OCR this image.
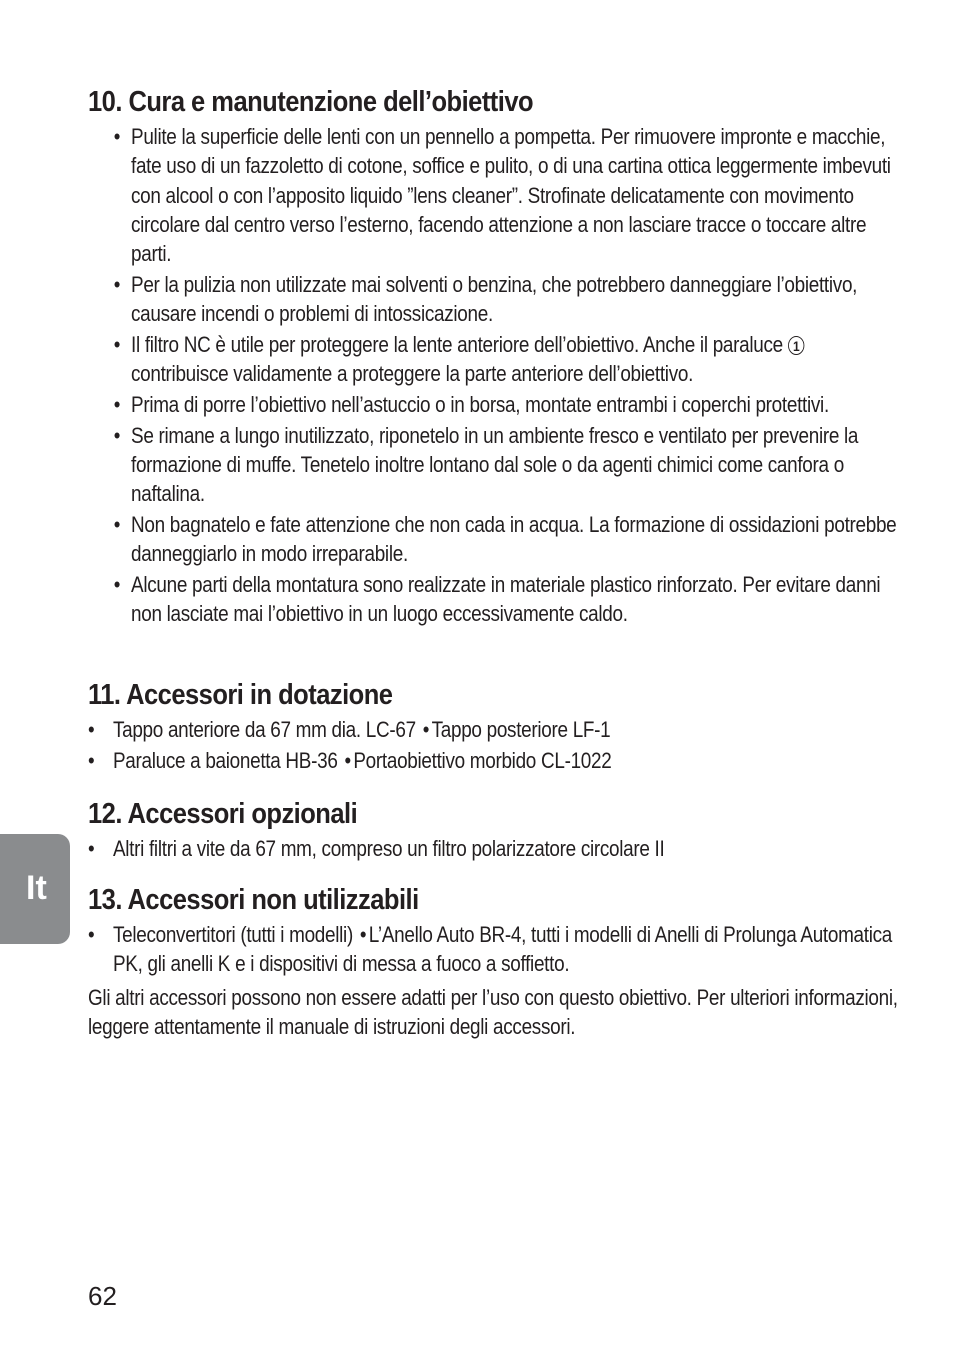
10. Cura e manutenzione dell’obiettivo
• Pulite la superficie delle lenti con un pennello a pompetta. Per rimuovere impronte e macchie, fate uso di un fazzoletto di cotone, soffice e pulito, o di una cartina ottica leggermente imbevuti con alcool o con l’apposito liquido ”lens cleaner”. Strofinate delicatamente con movimento circolare dal centro verso l’esterno, facendo attenzione a non lasciare tracce o toccare altre parti.
• Per la pulizia non utilizzate mai solventi o benzina, che potrebbero danneggiare l’obiettivo, causare incendi o problemi di intossicazione.
• Il filtro NC è utile per proteggere la lente anteriore dell’obiettivo. Anche il paraluce 1 contribuisce validamente a proteggere la parte anteriore dell’obiettivo.
• Prima di porre l’obiettivo nell’astuccio o in borsa, montate entrambi i coperchi protettivi.
• Se rimane a lungo inutilizzato, riponetelo in un ambiente fresco e ventilato per prevenire la formazione di muffe. Tenetelo inoltre lontano dal sole o da agenti chimici come canfora o naftalina.
• Non bagnatelo e fate attenzione che non cada in acqua. La formazione di ossidazioni potrebbe danneggiarlo in modo irreparabile.
• Alcune parti della montatura sono realizzate in materiale plastico rinforzato. Per evitare danni non lasciate mai l’obiettivo in un luogo eccessivamente caldo.
11. Accessori in dotazione
• Tappo anteriore da 67 mm dia. LC-67 • Tappo posteriore LF-1
• Paraluce a baionetta HB-36 • Portaobiettivo morbido CL-1022
12. Accessori opzionali
• Altri filtri a vite da 67 mm, compreso un filtro polarizzatore circolare II
13. Accessori non utilizzabili
• Teleconvertitori (tutti i modelli) • L’Anello Auto BR-4, tutti i modelli di Anelli di Prolunga Automatica PK, gli anelli K e i dispositivi di messa a fuoco a soffietto.

Gli altri accessori possono non essere adatti per l’uso con questo obiettivo. Per ulteriori informazioni, leggere attentamente il manuale di istruzioni degli accessori.

It
62
